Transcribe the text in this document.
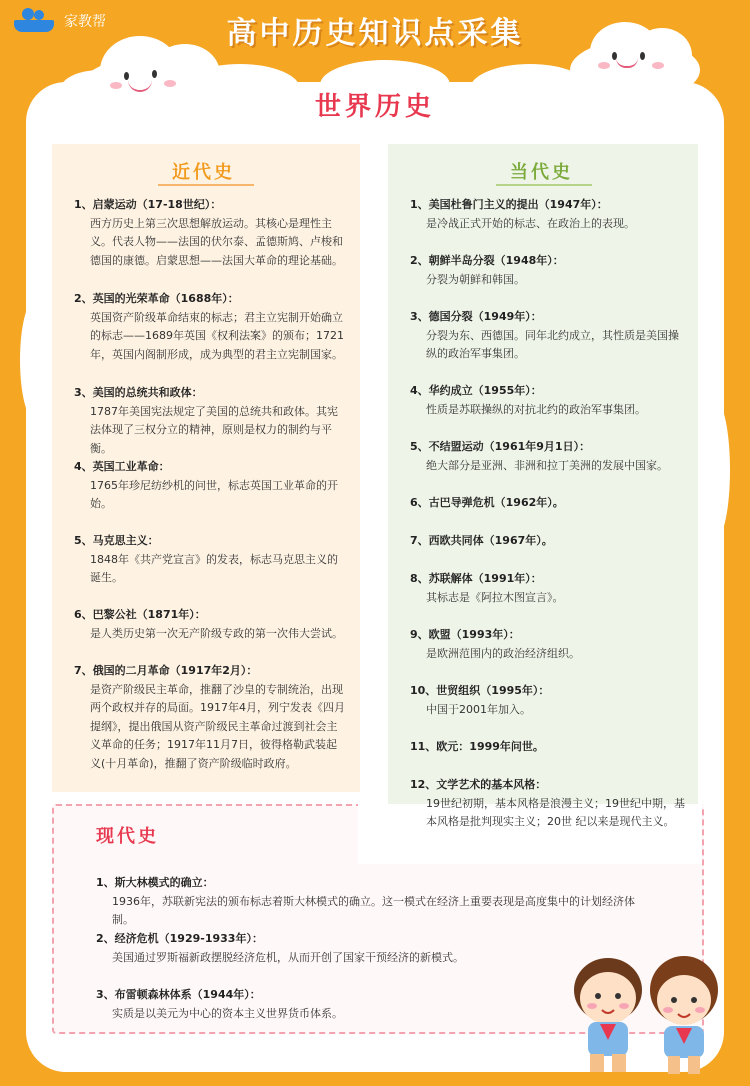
家教帮	高中历史知识点采集
世界历史
近代史	当代史
现代史
1、启蒙运动（17-18世纪）：
西方历史上第三次思想解放运动。其核心是理性主义。代表人物——法国的伏尔泰、孟德斯鸠、卢梭和德国的康德。启蒙思想——法国大革命的理论基础。
2、英国的光荣革命（1688年）：
英国资产阶级革命结束的标志；君主立宪制开始确立的标志——1689年英国《权利法案》的颁布；1721年，英国内阁制形成，成为典型的君主立宪制国家。
3、美国的总统共和政体：
1787年美国宪法规定了美国的总统共和政体。其宪法体现了三权分立的精神，原则是权力的制约与平衡。
4、英国工业革命：
1765年珍尼纺纱机的问世，标志英国工业革命的开始。
5、马克思主义：
1848年《共产党宣言》的发表，标志马克思主义的诞生。
6、巴黎公社（1871年）：
是人类历史第一次无产阶级专政的第一次伟大尝试。
7、俄国的二月革命（1917年2月）：
是资产阶级民主革命，推翻了沙皇的专制统治，出现两个政权并存的局面。1917年4月，列宁发表《四月提纲》，提出俄国从资产阶级民主革命过渡到社会主义革命的任务；1917年11月7日，彼得格勒武装起义(十月革命)，推翻了资产阶级临时政府。
1、美国杜鲁门主义的提出（1947年）：
是冷战正式开始的标志、在政治上的表现。
2、朝鲜半岛分裂（1948年）：
分裂为朝鲜和韩国。
3、德国分裂（1949年）：
分裂为东、西德国。同年北约成立，其性质是美国操纵的政治军事集团。
4、华约成立（1955年）：
性质是苏联操纵的对抗北约的政治军事集团。
5、不结盟运动（1961年9月1日）：
绝大部分是亚洲、非洲和拉丁美洲的发展中国家。
6、古巴导弹危机（1962年）。
7、西欧共同体（1967年）。
8、苏联解体（1991年）：
其标志是《阿拉木图宣言》。
9、欧盟（1993年）：
是欧洲范围内的政治经济组织。
10、世贸组织（1995年）：
中国于2001年加入。
11、欧元：1999年问世。
12、文学艺术的基本风格：
19世纪初期，基本风格是浪漫主义；19世纪中期，基本风格是批判现实主义；20世 纪以来是现代主义。
1、斯大林模式的确立：
1936年，苏联新宪法的颁布标志着斯大林模式的确立。这一模式在经济上重要表现是高度集中的计划经济体制。
2、经济危机（1929-1933年）：
美国通过罗斯福新政摆脱经济危机，从而开创了国家干预经济的新模式。
3、布雷顿森林体系（1944年）：
实质是以美元为中心的资本主义世界货币体系。
